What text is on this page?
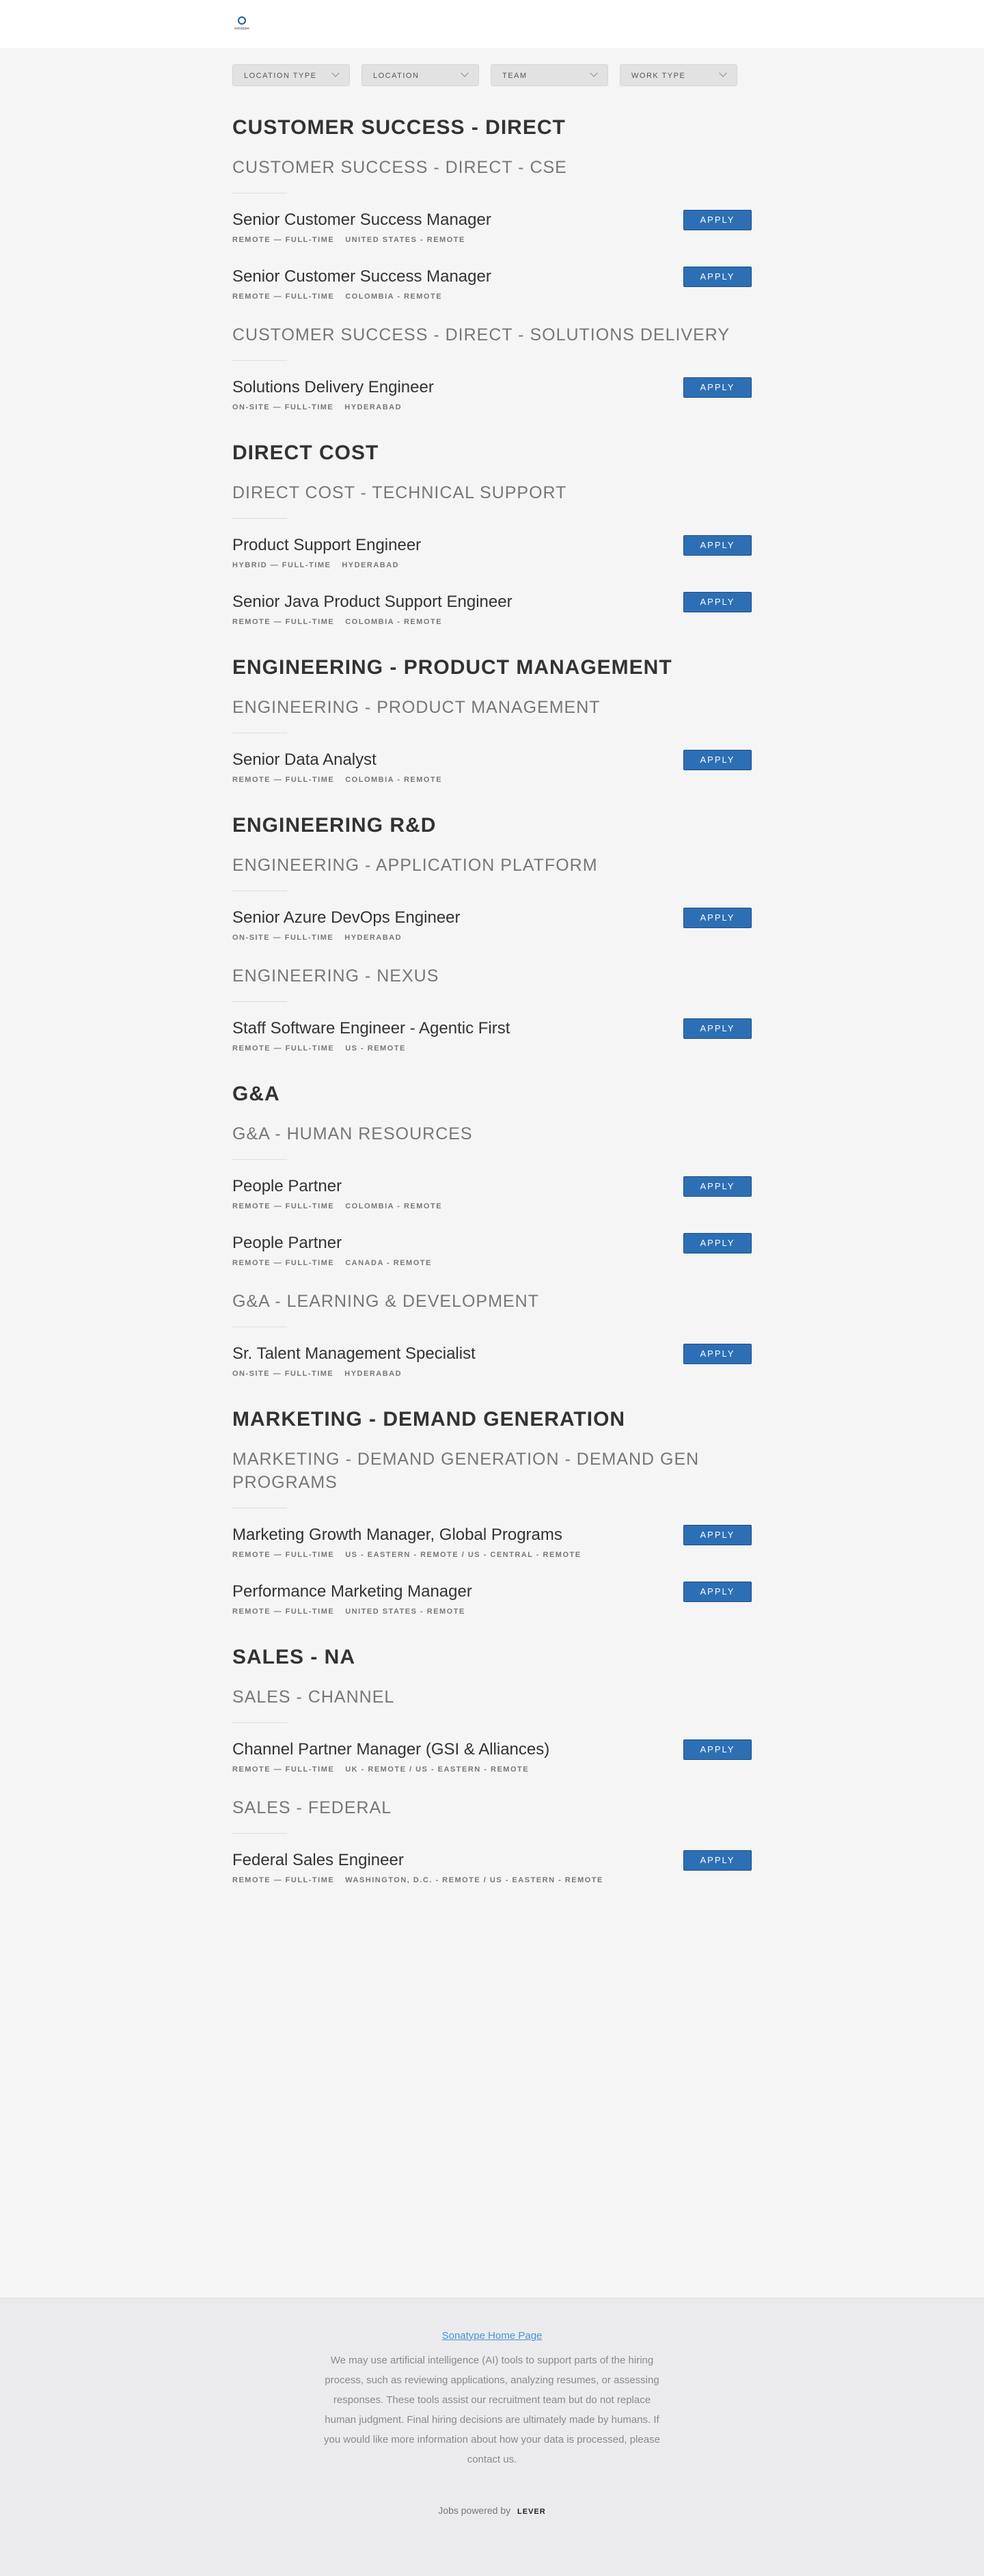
sonatype
LOCATION TYPE	LOCATION	TEAM	WORK TYPE
CUSTOMER SUCCESS - DIRECT
CUSTOMER SUCCESS - DIRECT - CSE
Senior Customer Success Manager
REMOTE — FULL-TIME UNITED STATES - REMOTE
APPLY
Senior Customer Success Manager
REMOTE — FULL-TIME COLOMBIA - REMOTE
APPLY
CUSTOMER SUCCESS - DIRECT - SOLUTIONS DELIVERY
Solutions Delivery Engineer
ON-SITE — FULL-TIME HYDERABAD
APPLY
DIRECT COST
DIRECT COST - TECHNICAL SUPPORT
Product Support Engineer
HYBRID — FULL-TIME HYDERABAD
APPLY
Senior Java Product Support Engineer
REMOTE — FULL-TIME COLOMBIA - REMOTE
APPLY
ENGINEERING - PRODUCT MANAGEMENT
ENGINEERING - PRODUCT MANAGEMENT
Senior Data Analyst
REMOTE — FULL-TIME COLOMBIA - REMOTE
APPLY
ENGINEERING R&D
ENGINEERING - APPLICATION PLATFORM
Senior Azure DevOps Engineer
ON-SITE — FULL-TIME HYDERABAD
APPLY
ENGINEERING - NEXUS
Staff Software Engineer - Agentic First
REMOTE — FULL-TIME US - REMOTE
APPLY
G&A
G&A - HUMAN RESOURCES
People Partner
REMOTE — FULL-TIME COLOMBIA - REMOTE
APPLY
People Partner
REMOTE — FULL-TIME CANADA - REMOTE
APPLY
G&A - LEARNING & DEVELOPMENT
Sr. Talent Management Specialist
ON-SITE — FULL-TIME HYDERABAD
APPLY
MARKETING - DEMAND GENERATION
MARKETING - DEMAND GENERATION - DEMAND GEN PROGRAMS
Marketing Growth Manager, Global Programs
REMOTE — FULL-TIME US - EASTERN - REMOTE / US - CENTRAL - REMOTE
APPLY
Performance Marketing Manager
REMOTE — FULL-TIME UNITED STATES - REMOTE
APPLY
SALES - NA
SALES - CHANNEL
Channel Partner Manager (GSI & Alliances)
REMOTE — FULL-TIME UK - REMOTE / US - EASTERN - REMOTE
APPLY
SALES - FEDERAL
Federal Sales Engineer
REMOTE — FULL-TIME WASHINGTON, D.C. - REMOTE / US - EASTERN - REMOTE
APPLY
Sonatype Home Page
We may use artificial intelligence (AI) tools to support parts of the hiring process, such as reviewing applications, analyzing resumes, or assessing responses. These tools assist our recruitment team but do not replace human judgment. Final hiring decisions are ultimately made by humans. If you would like more information about how your data is processed, please contact us.
Jobs powered by LEVER
